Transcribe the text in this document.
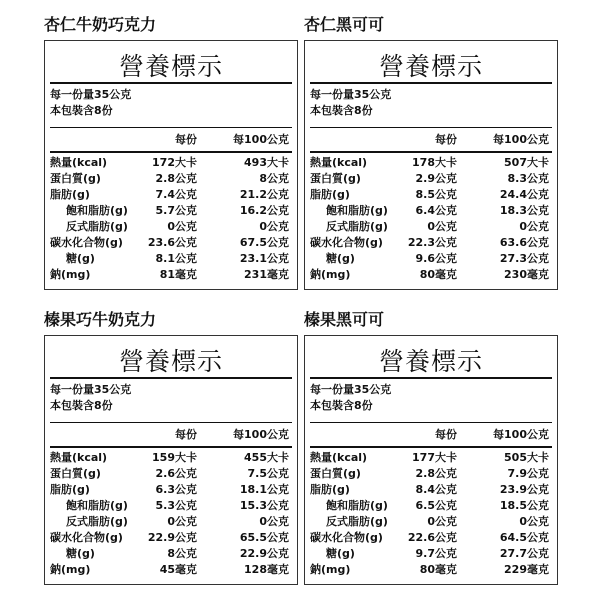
杏仁牛奶巧克力
營養標示
每一份量35公克
本包裝含8份
每份	每100公克
熱量(kcal)	172大卡	493大卡
蛋白質(g)	2.8公克	8公克
脂肪(g)	7.4公克	21.2公克
飽和脂肪(g)	5.7公克	16.2公克
反式脂肪(g)	0公克	0公克
碳水化合物(g) 23.6公克	67.5公克
糖(g)	8.1公克	23.1公克
鈉(mg)	81毫克	231毫克
杏仁黑可可
營養標示
每一份量35公克
本包裝含8份
每份	每100公克
熱量(kcal)	178大卡	507大卡
蛋白質(g)	2.9公克	8.3公克
脂肪(g)	8.5公克	24.4公克
飽和脂肪(g)	6.4公克	18.3公克
反式脂肪(g)	0公克	0公克
碳水化合物(g) 22.3公克	63.6公克
糖(g)	9.6公克	27.3公克
鈉(mg)	80毫克	230毫克
榛果巧牛奶克力
營養標示
每一份量35公克
本包裝含8份
每份	每100公克
熱量(kcal)	159大卡	455大卡
蛋白質(g)	2.6公克	7.5公克
脂肪(g)	6.3公克	18.1公克
飽和脂肪(g)	5.3公克	15.3公克
反式脂肪(g)	0公克	0公克
碳水化合物(g) 22.9公克	65.5公克
糖(g)	8公克	22.9公克
鈉(mg)	45毫克	128毫克
榛果黑可可
營養標示
每一份量35公克
本包裝含8份
每份	每100公克
熱量(kcal)	177大卡	505大卡
蛋白質(g)	2.8公克	7.9公克
脂肪(g)	8.4公克	23.9公克
飽和脂肪(g)	6.5公克	18.5公克
反式脂肪(g)	0公克	0公克
碳水化合物(g) 22.6公克	64.5公克
糖(g)	9.7公克	27.7公克
鈉(mg)	80毫克	229毫克
